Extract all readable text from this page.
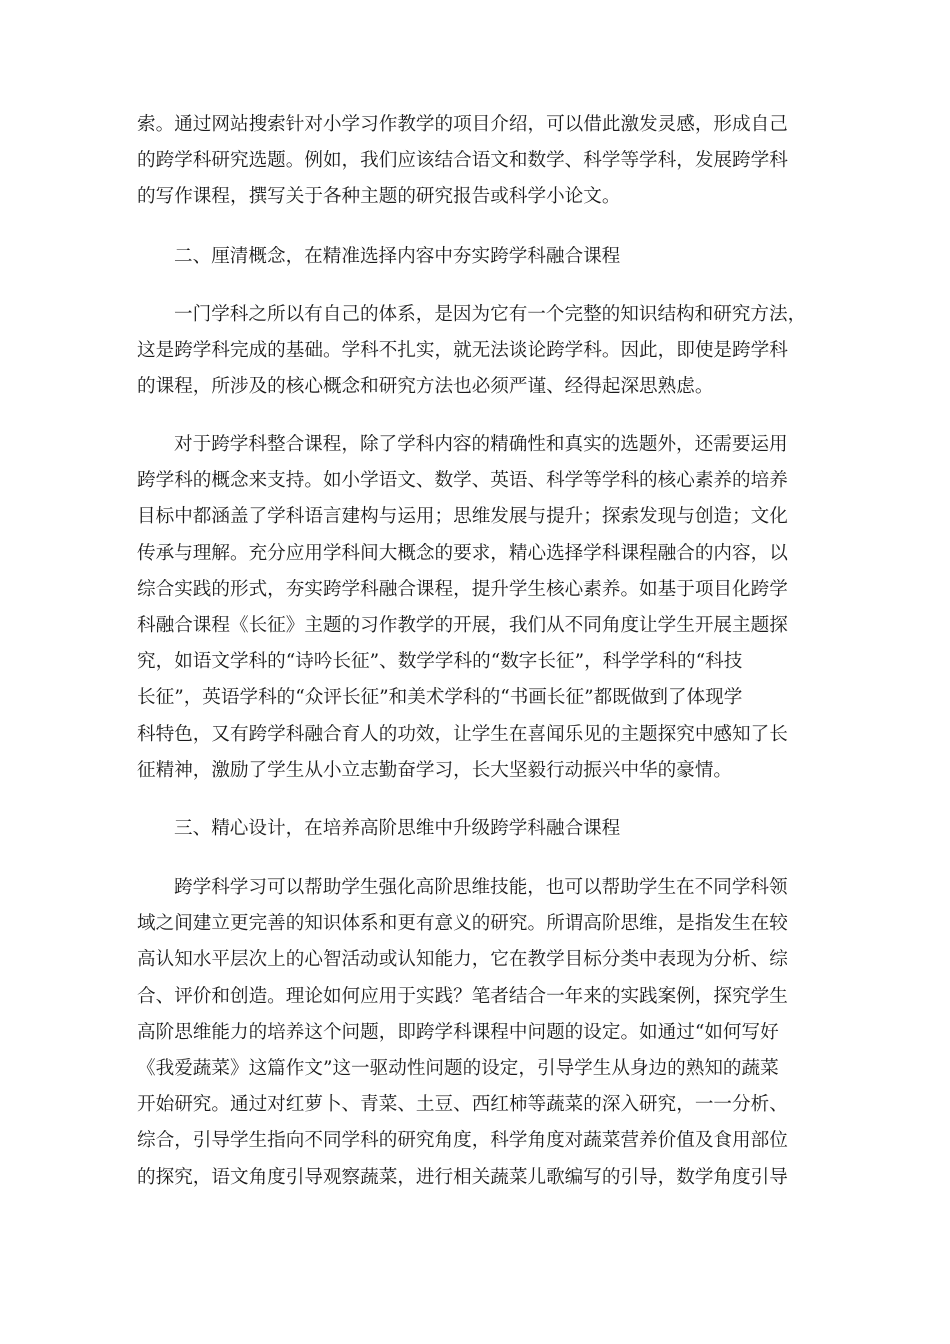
索。通过网站搜索针对小学习作教学的项目介绍，可以借此激发灵感，形成自己
的跨学科研究选题。例如，我们应该结合语文和数学、科学等学科，发展跨学科
的写作课程，撰写关于各种主题的研究报告或科学小论文。
二、厘清概念，在精准选择内容中夯实跨学科融合课程
一门学科之所以有自己的体系，是因为它有一个完整的知识结构和研究方法，
这是跨学科完成的基础。学科不扎实，就无法谈论跨学科。因此，即使是跨学科
的课程，所涉及的核心概念和研究方法也必须严谨、经得起深思熟虑。
对于跨学科整合课程，除了学科内容的精确性和真实的选题外，还需要运用
跨学科的概念来支持。如小学语文、数学、英语、科学等学科的核心素养的培养
目标中都涵盖了学科语言建构与运用；思维发展与提升；探索发现与创造；文化
传承与理解。充分应用学科间大概念的要求，精心选择学科课程融合的内容，以
综合实践的形式，夯实跨学科融合课程，提升学生核心素养。如基于项目化跨学
科融合课程《长征》主题的习作教学的开展，我们从不同角度让学生开展主题探
究，如语文学科的“诗吟长征”、数学学科的“数字长征”，科学学科的“科技
长征”，英语学科的“众评长征”和美术学科的“书画长征”都既做到了体现学
科特色，又有跨学科融合育人的功效，让学生在喜闻乐见的主题探究中感知了长
征精神，激励了学生从小立志勤奋学习，长大坚毅行动振兴中华的豪情。
三、精心设计，在培养高阶思维中升级跨学科融合课程
跨学科学习可以帮助学生强化高阶思维技能，也可以帮助学生在不同学科领
域之间建立更完善的知识体系和更有意义的研究。所谓高阶思维，是指发生在较
高认知水平层次上的心智活动或认知能力，它在教学目标分类中表现为分析、综
合、评价和创造。理论如何应用于实践？笔者结合一年来的实践案例，探究学生
高阶思维能力的培养这个问题，即跨学科课程中问题的设定。如通过“如何写好
《我爱蔬菜》这篇作文”这一驱动性问题的设定，引导学生从身边的熟知的蔬菜
开始研究。通过对红萝卜、青菜、土豆、西红柿等蔬菜的深入研究，一一分析、
综合，引导学生指向不同学科的研究角度，科学角度对蔬菜营养价值及食用部位
的探究，语文角度引导观察蔬菜，进行相关蔬菜儿歌编写的引导，数学角度引导
